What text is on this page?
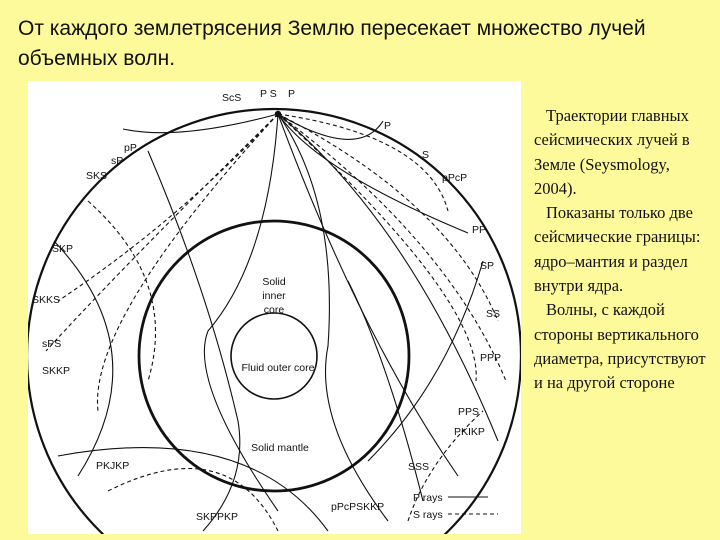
От каждого землетрясения Землю пересекает множество лучей объемных волн.
ScS P S P
pP
sP
SKS
SKP
SKKS
sPS
SKKP
PKJKP
SKPPKP
P
S
pPcP
PP
SP
SS
PPP
PPS
PKIKP
SSS
pPcPSKKP
Solid
inner
core
Fluid outer core
Solid mantle
P rays
S rays

Траектории главных сейсмических лучей в Земле (Seysmology, 2004).

Показаны только две сейсмические границы: ядро–мантия и раздел внутри ядра.

Волны, с каждой стороны вертикального диаметра, присутствуют и на другой стороне
